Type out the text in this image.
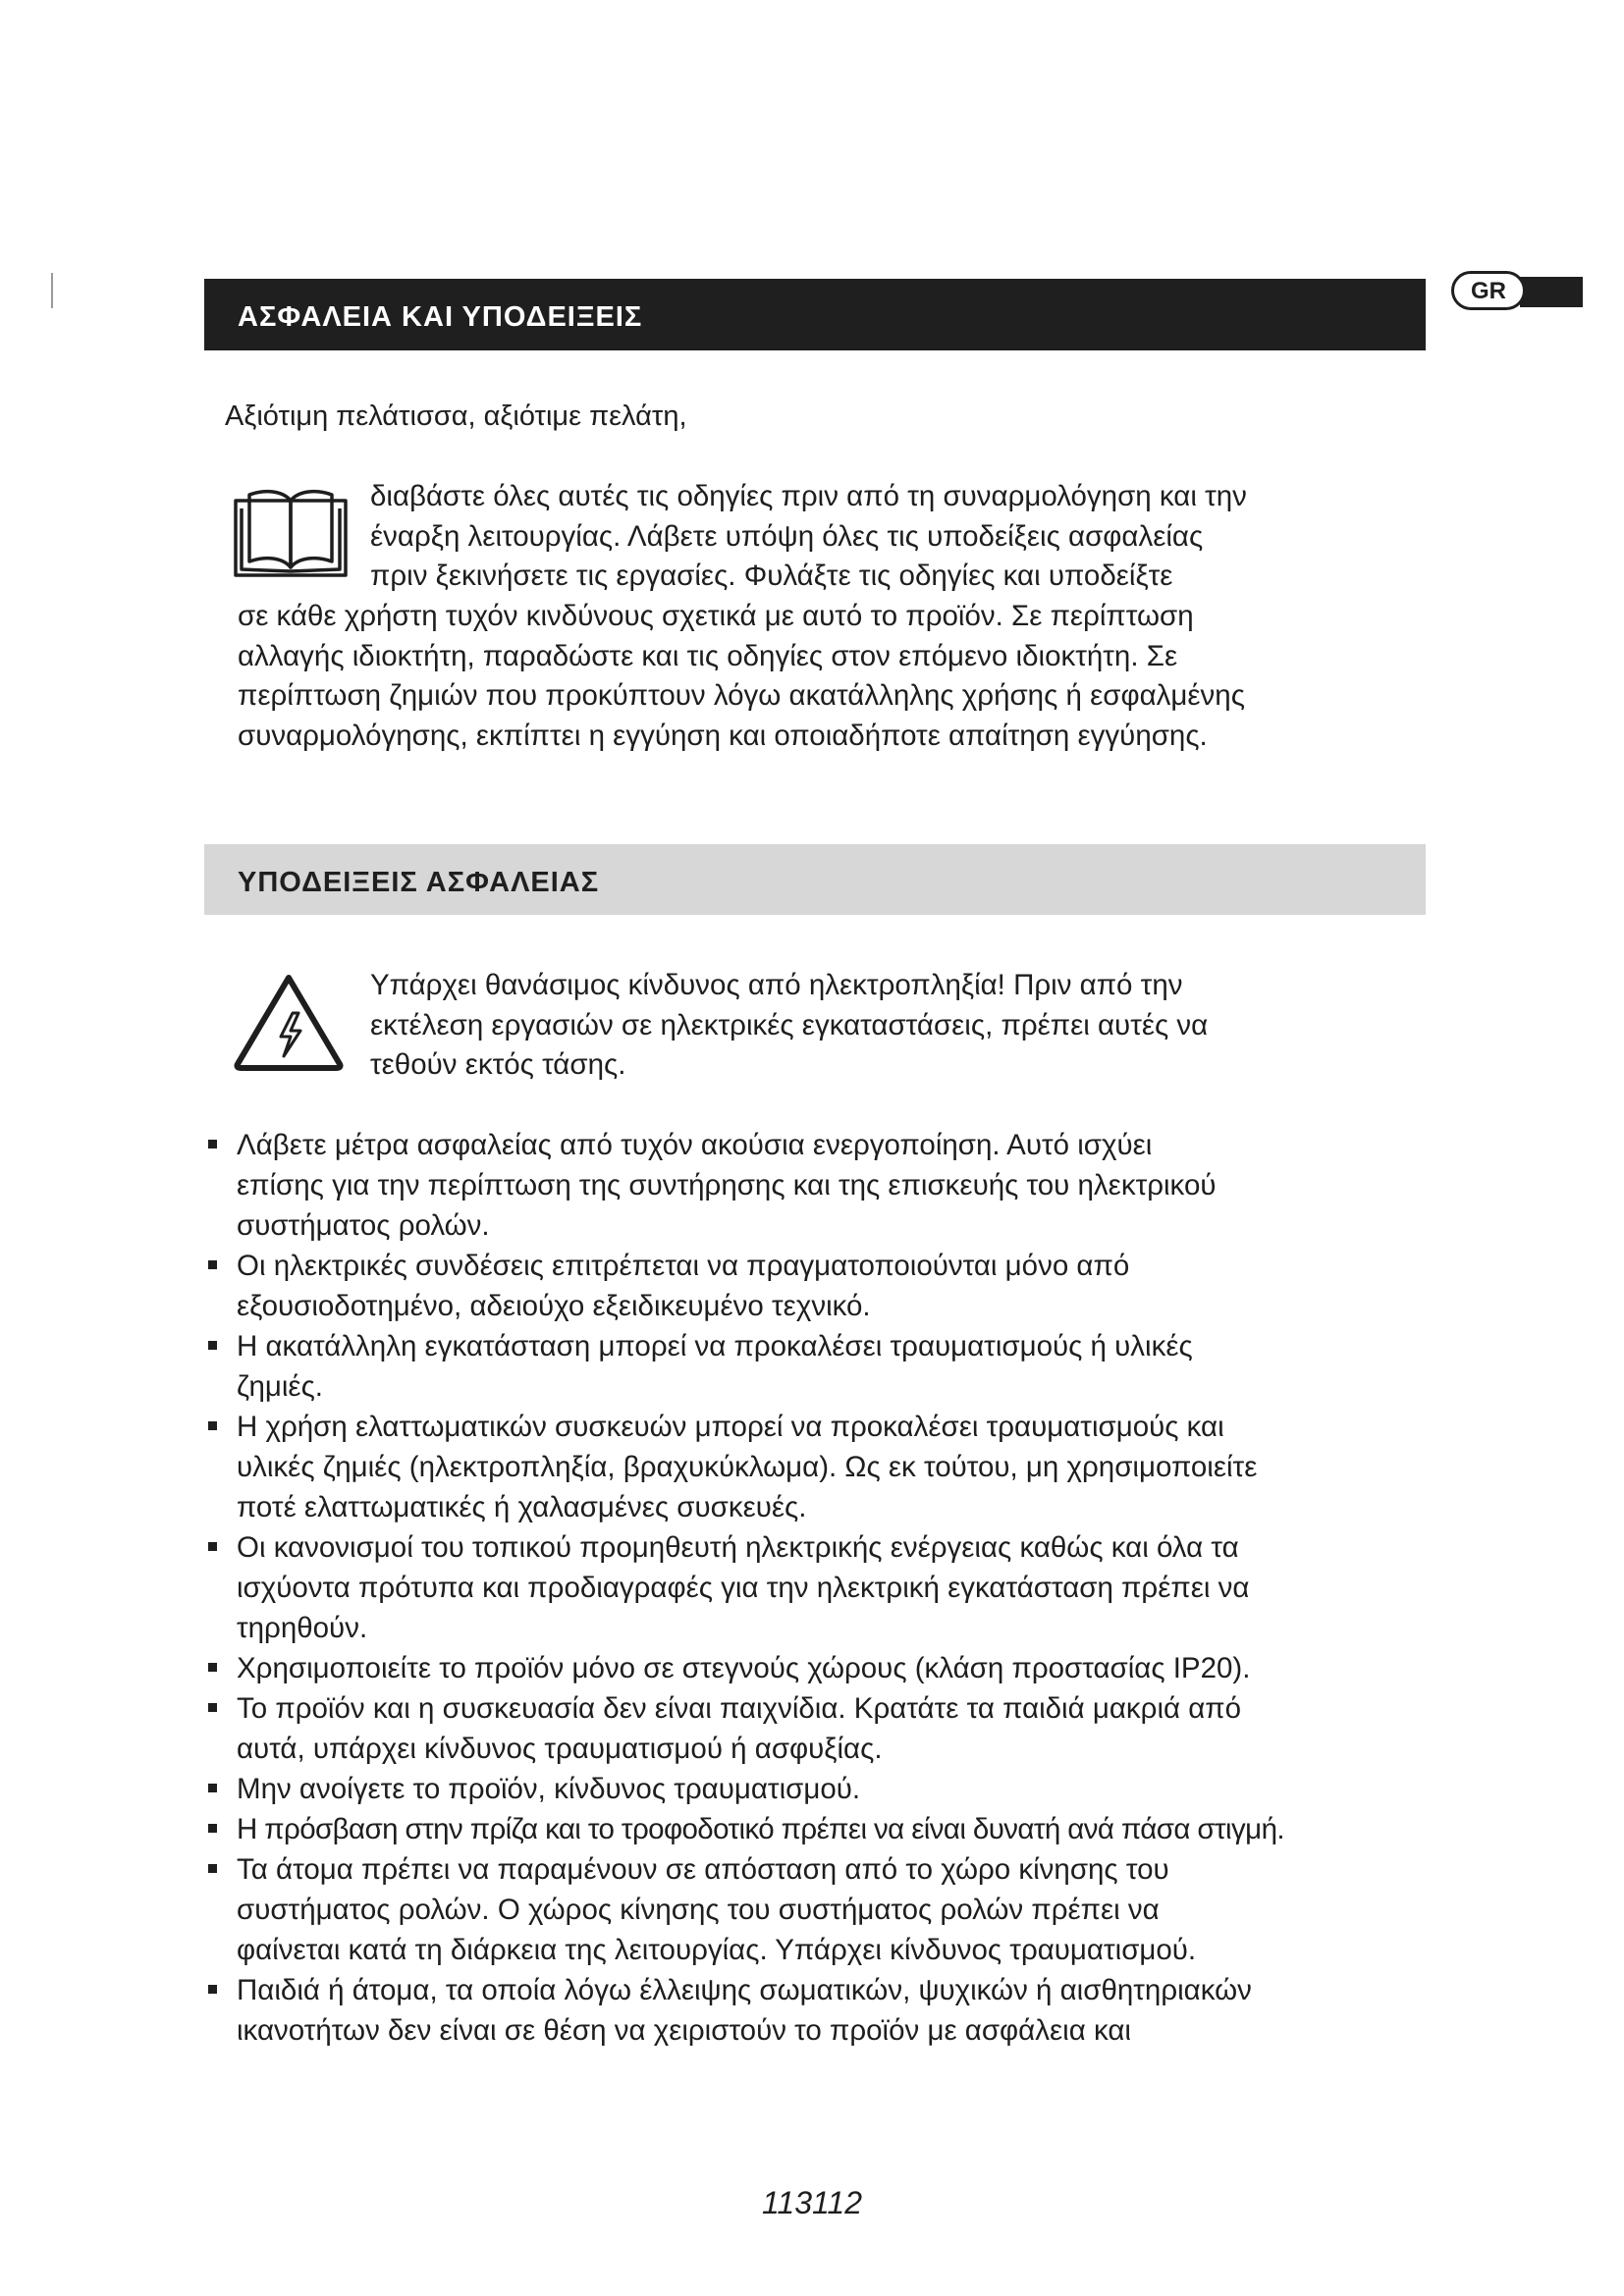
ΑΣΦΑΛΕΙΑ ΚΑΙ ΥΠΟΔΕΙΞΕΙΣ
GR
Αξιότιμη πελάτισσα, αξιότιμε πελάτη,
διαβάστε όλες αυτές τις οδηγίες πριν από τη συναρμολόγηση και την
έναρξη λειτουργίας. Λάβετε υπόψη όλες τις υποδείξεις ασφαλείας
πριν ξεκινήσετε τις εργασίες. Φυλάξτε τις οδηγίες και υποδείξτε
σε κάθε χρήστη τυχόν κινδύνους σχετικά με αυτό το προϊόν. Σε περίπτωση
αλλαγής ιδιοκτήτη, παραδώστε και τις οδηγίες στον επόμενο ιδιοκτήτη. Σε
περίπτωση ζημιών που προκύπτουν λόγω ακατάλληλης χρήσης ή εσφαλμένης
συναρμολόγησης, εκπίπτει η εγγύηση και οποιαδήποτε απαίτηση εγγύησης.
ΥΠΟΔΕΙΞΕΙΣ ΑΣΦΑΛΕΙΑΣ
Υπάρχει θανάσιμος κίνδυνος από ηλεκτροπληξία! Πριν από την
εκτέλεση εργασιών σε ηλεκτρικές εγκαταστάσεις, πρέπει αυτές να
τεθούν εκτός τάσης.
Λάβετε μέτρα ασφαλείας από τυχόν ακούσια ενεργοποίηση. Αυτό ισχύει
επίσης για την περίπτωση της συντήρησης και της επισκευής του ηλεκτρικού
συστήματος ρολών.
Οι ηλεκτρικές συνδέσεις επιτρέπεται να πραγματοποιούνται μόνο από
εξουσιοδοτημένο, αδειούχο εξειδικευμένο τεχνικό.
Η ακατάλληλη εγκατάσταση μπορεί να προκαλέσει τραυματισμούς ή υλικές
ζημιές.
Η χρήση ελαττωματικών συσκευών μπορεί να προκαλέσει τραυματισμούς και
υλικές ζημιές (ηλεκτροπληξία, βραχυκύκλωμα). Ως εκ τούτου, μη χρησιμοποιείτε
ποτέ ελαττωματικές ή χαλασμένες συσκευές.
Οι κανονισμοί του τοπικού προμηθευτή ηλεκτρικής ενέργειας καθώς και όλα τα
ισχύοντα πρότυπα και προδιαγραφές για την ηλεκτρική εγκατάσταση πρέπει να
τηρηθούν.
Χρησιμοποιείτε το προϊόν μόνο σε στεγνούς χώρους (κλάση προστασίας IP20).
Το προϊόν και η συσκευασία δεν είναι παιχνίδια. Κρατάτε τα παιδιά μακριά από
αυτά, υπάρχει κίνδυνος τραυματισμού ή ασφυξίας.
Μην ανοίγετε το προϊόν, κίνδυνος τραυματισμού.
Η πρόσβαση στην πρίζα και το τροφοδοτικό πρέπει να είναι δυνατή ανά πάσα στιγμή.
Τα άτομα πρέπει να παραμένουν σε απόσταση από το χώρο κίνησης του
συστήματος ρολών. Ο χώρος κίνησης του συστήματος ρολών πρέπει να
φαίνεται κατά τη διάρκεια της λειτουργίας. Υπάρχει κίνδυνος τραυματισμού.
Παιδιά ή άτομα, τα οποία λόγω έλλειψης σωματικών, ψυχικών ή αισθητηριακών
ικανοτήτων δεν είναι σε θέση να χειριστούν το προϊόν με ασφάλεια και
113112
